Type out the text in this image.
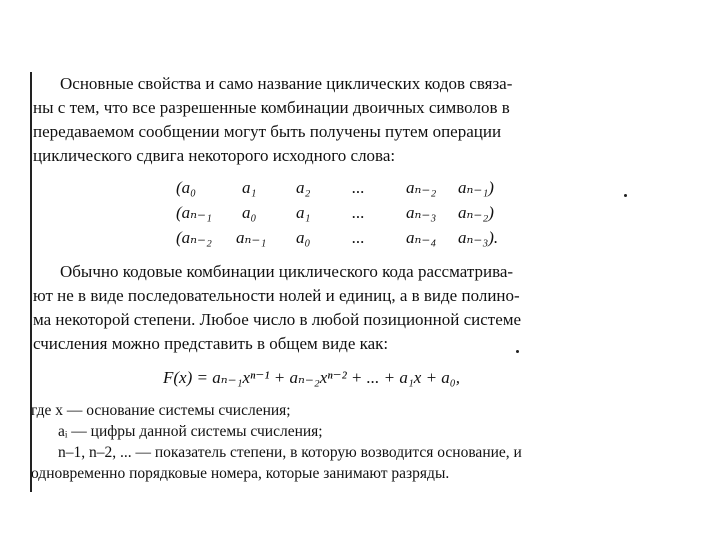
Основные свойства и само название циклических кодов связа-
ны с тем, что все разрешенные комбинации двоичных символов в
передаваемом сообщении могут быть получены путем операции
циклического сдвига некоторого исходного слова:
(a₀	a₁ a₂ ... aₙ₋₂ aₙ₋₁)
(aₙ₋₁ a₀ a₁ ... aₙ₋₃ aₙ₋₂)
(aₙ₋₂ aₙ₋₁ a₀ ... aₙ₋₄ aₙ₋₃).
Обычно кодовые комбинации циклического кода рассматрива-
ют не в виде последовательности нолей и единиц, а в виде полино-
ма некоторой степени. Любое число в любой позиционной системе
счисления можно представить в общем виде как:
F(x) = aₙ₋₁xⁿ⁻¹ + aₙ₋₂xⁿ⁻² + ... + a₁x + a₀,
где x — основание системы счисления;
aᵢ — цифры данной системы счисления;
n–1, n–2, ... — показатель степени, в которую возводится основание, и
одновременно порядковые номера, которые занимают разряды.
